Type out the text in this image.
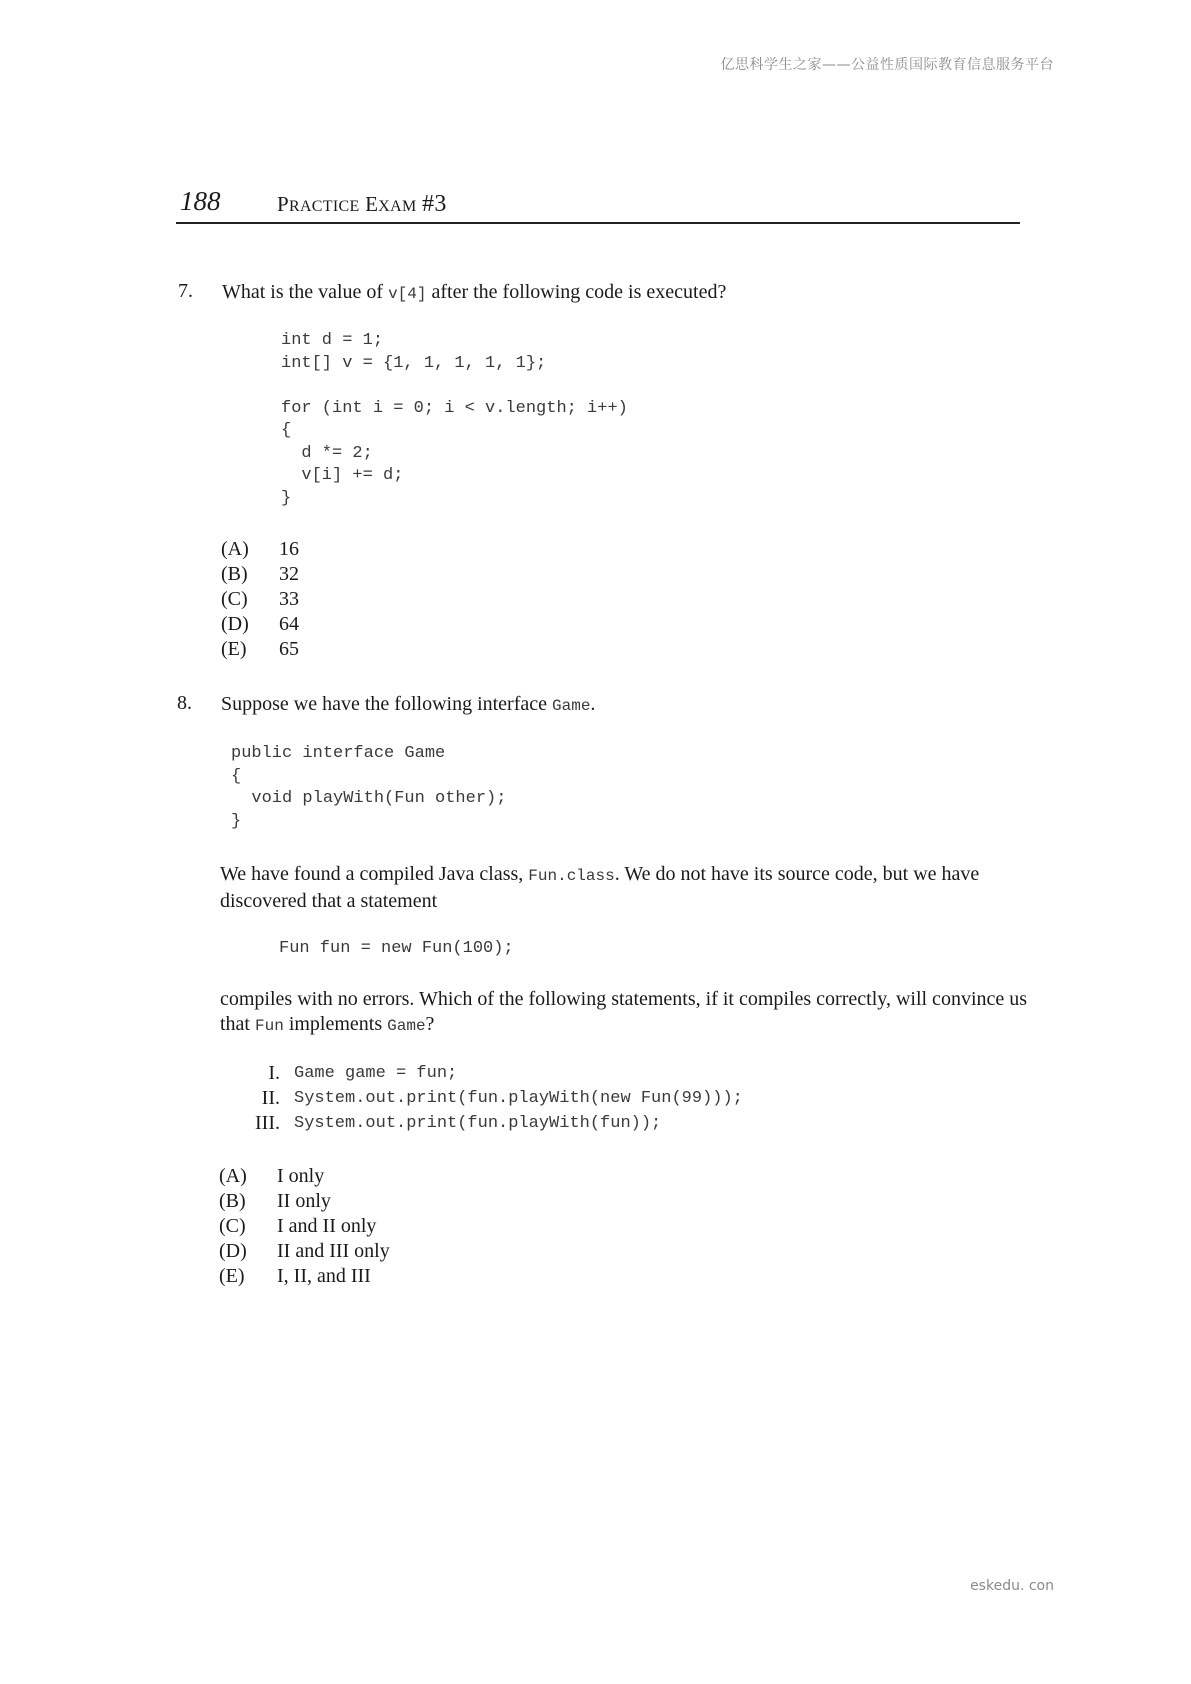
亿思科学生之家——公益性质国际教育信息服务平台
188	PRACTICE EXAM #3
7. What is the value of v[4] after the following code is executed?
int d = 1;
int[] v = {1, 1, 1, 1, 1};

for (int i = 0; i < v.length; i++)
{
d *= 2;
v[i] += d;
}
(A)	16
(B)	32
(C)	33
(D)	64
(E)	65
8. Suppose we have the following interface Game.
public interface Game
{
void playWith(Fun other);
}
We have found a compiled Java class, Fun.class. We do not have its source code, but we have discovered that a statement
Fun fun = new Fun(100);
compiles with no errors. Which of the following statements, if it compiles correctly, will convince us that Fun implements Game?
I. Game game = fun;
II. System.out.print(fun.playWith(new Fun(99)));
III. System.out.print(fun.playWith(fun));
(A)	I only
(B)	II only
(C)	I and II only
(D)	II and III only
(E)	I, II, and III
eskedu. con
